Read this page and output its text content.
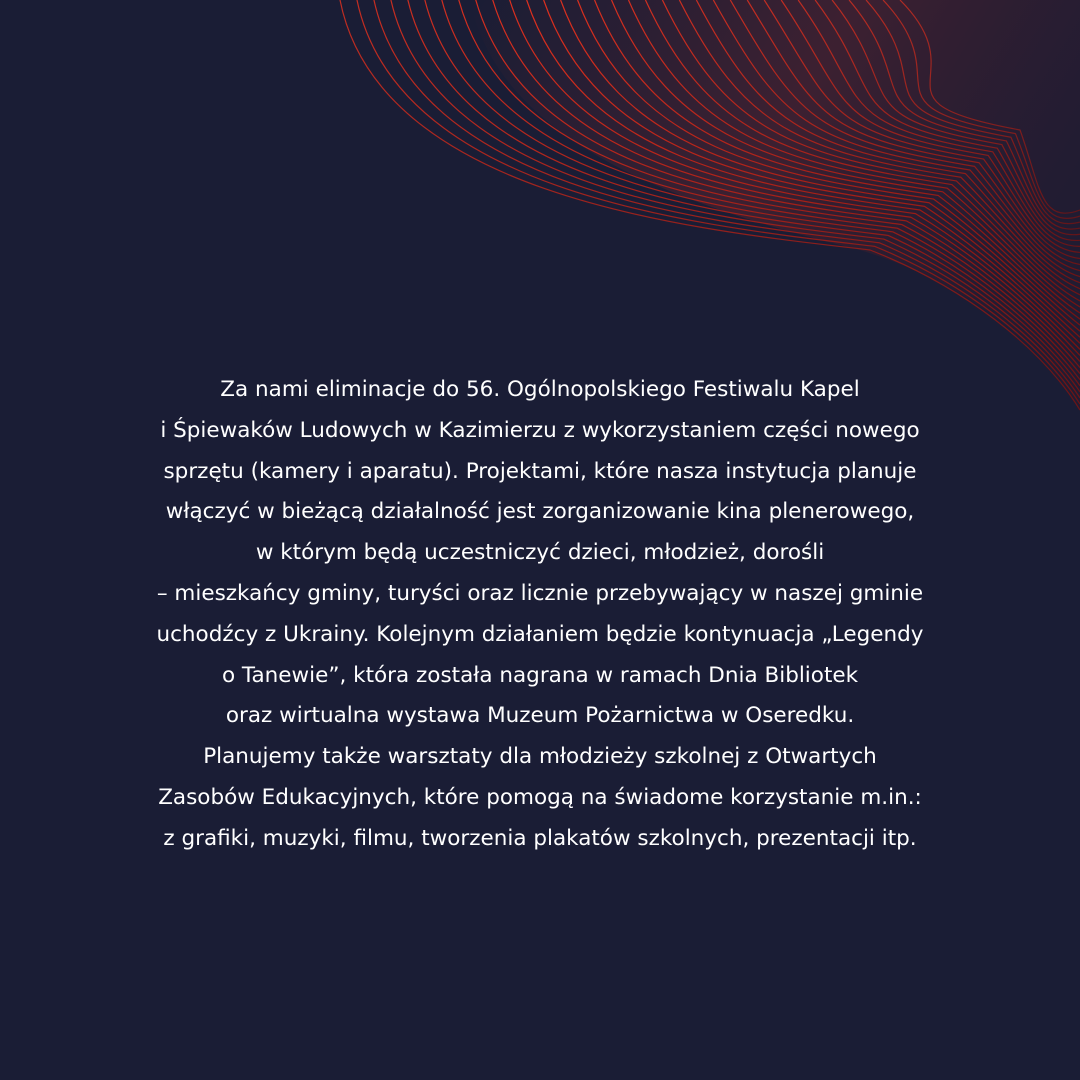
Za nami eliminacje do 56. Ogólnopolskiego Festiwalu Kapel
i Śpiewaków Ludowych w Kazimierzu z wykorzystaniem części nowego
sprzętu (kamery i aparatu). Projektami, które nasza instytucja planuje
włączyć w bieżącą działalność jest zorganizowanie kina plenerowego,
w którym będą uczestniczyć dzieci, młodzież, dorośli
– mieszkańcy gminy, turyści oraz licznie przebywający w naszej gminie
uchodźcy z Ukrainy. Kolejnym działaniem będzie kontynuacja „Legendy
o Tanewie”, która została nagrana w ramach Dnia Bibliotek
oraz wirtualna wystawa Muzeum Pożarnictwa w Oseredku.
Planujemy także warsztaty dla młodzieży szkolnej z Otwartych
Zasobów Edukacyjnych, które pomogą na świadome korzystanie m.in.:
z grafiki, muzyki, filmu, tworzenia plakatów szkolnych, prezentacji itp.
